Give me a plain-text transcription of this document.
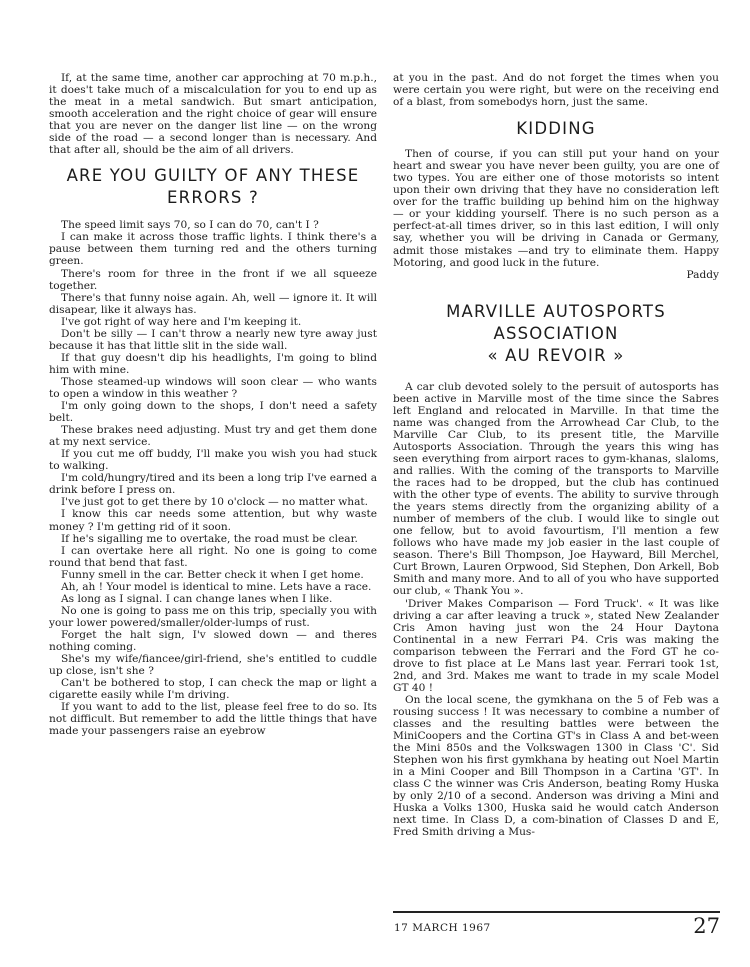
If, at the same time, another car approching at 70 m.p.h., it does't take much of a miscalculation for you to end up as the meat in a metal sandwich. But smart anticipation, smooth acceleration and the right choice of gear will ensure that you are never on the danger list line — on the wrong side of the road — a second longer than is necessary. And that after all, should be the aim of all drivers.

ARE YOU GUILTY OF ANY THESE ERRORS ?

The speed limit says 70, so I can do 70, can't I ?

I can make it across those traffic lights. I think there's a pause between them turning red and the others turning green.

There's room for three in the front if we all squeeze together.

There's that funny noise again. Ah, well — ignore it. It will disapear, like it always has.

I've got right of way here and I'm keeping it.

Don't be silly — I can't throw a nearly new tyre away just because it has that little slit in the side wall.

If that guy doesn't dip his headlights, I'm going to blind him with mine.

Those steamed-up windows will soon clear — who wants to open a window in this weather ?

I'm only going down to the shops, I don't need a safety belt.

These brakes need adjusting. Must try and get them done at my next service.

If you cut me off buddy, I'll make you wish you had stuck to walking.

I'm cold/hungry/tired and its been a long trip I've earned a drink before I press on.

I've just got to get there by 10 o'clock — no matter what.

I know this car needs some attention, but why waste money ? I'm getting rid of it soon.

If he's sigalling me to overtake, the road must be clear.

I can overtake here all right. No one is going to come round that bend that fast.

Funny smell in the car. Better check it when I get home.

Ah, ah ! Your model is identical to mine. Lets have a race.

As long as I signal. I can change lanes when I like.

No one is going to pass me on this trip, specially you with your lower powered/smaller/older-lumps of rust.

Forget the halt sign, I'v slowed down — and theres nothing coming.

She's my wife/fiancee/girl-friend, she's entitled to cuddle up close, isn't she ?

Can't be bothered to stop, I can check the map or light a cigarette easily while I'm driving.

If you want to add to the list, please feel free to do so. Its not difficult. But remember to add the little things that have made your passengers raise an eyebrow

at you in the past. And do not forget the times when you were certain you were right, but were on the receiving end of a blast, from somebodys horn, just the same.

KIDDING

Then of course, if you can still put your hand on your heart and swear you have never been guilty, you are one of two types. You are either one of those motorists so intent upon their own driving that they have no consideration left over for the traffic building up behind him on the highway — or your kidding yourself. There is no such person as a perfect-at-all times driver, so in this last edition, I will only say, whether you will be driving in Canada or Germany, admit those mistakes —and try to eliminate them. Happy Motoring, and good luck in the future.

Paddy

MARVILLE AUTOSPORTS
ASSOCIATION
« AU REVOIR »

A car club devoted solely to the persuit of autosports has been active in Marville most of the time since the Sabres left England and relocated in Marville. In that time the name was changed from the Arrowhead Car Club, to the Marville Car Club, to its present title, the Marville Autosports Association. Through the years this wing has seen everything from airport races to gym-khanas, slaloms, and rallies. With the coming of the transports to Marville the races had to be dropped, but the club has continued with the other type of events. The ability to survive through the years stems directly from the organizing ability of a number of members of the club. I would like to single out one fellow, but to avoid favourtism, I'll mention a few follows who have made my job easier in the last couple of season. There's Bill Thompson, Joe Hayward, Bill Merchel, Curt Brown, Lauren Orpwood, Sid Stephen, Don Arkell, Bob Smith and many more. And to all of you who have supported our club, « Thank You ».

'Driver Makes Comparison — Ford Truck'. « It was like driving a car after leaving a truck », stated New Zealander Cris Amon having just won the 24 Hour Daytona Continental in a new Ferrari P4. Cris was making the comparison tebween the Ferrari and the Ford GT he co-drove to fist place at Le Mans last year. Ferrari took 1st, 2nd, and 3rd. Makes me want to trade in my scale Model GT 40 !

On the local scene, the gymkhana on the 5 of Feb was a rousing success ! It was necessary to combine a number of classes and the resulting battles were between the MiniCoopers and the Cortina GT's in Class A and bet-ween the Mini 850s and the Volkswagen 1300 in Class 'C'. Sid Stephen won his first gymkhana by heating out Noel Martin in a Mini Cooper and Bill Thompson in a Cartina 'GT'. In class C the winner was Cris Anderson, beating Romy Huska by only 2/10 of a second. Anderson was driving a Mini and Huska a Volks 1300, Huska said he would catch Anderson next time. In Class D, a com-bination of Classes D and E, Fred Smith driving a Mus-

17 MARCH 1967	27
